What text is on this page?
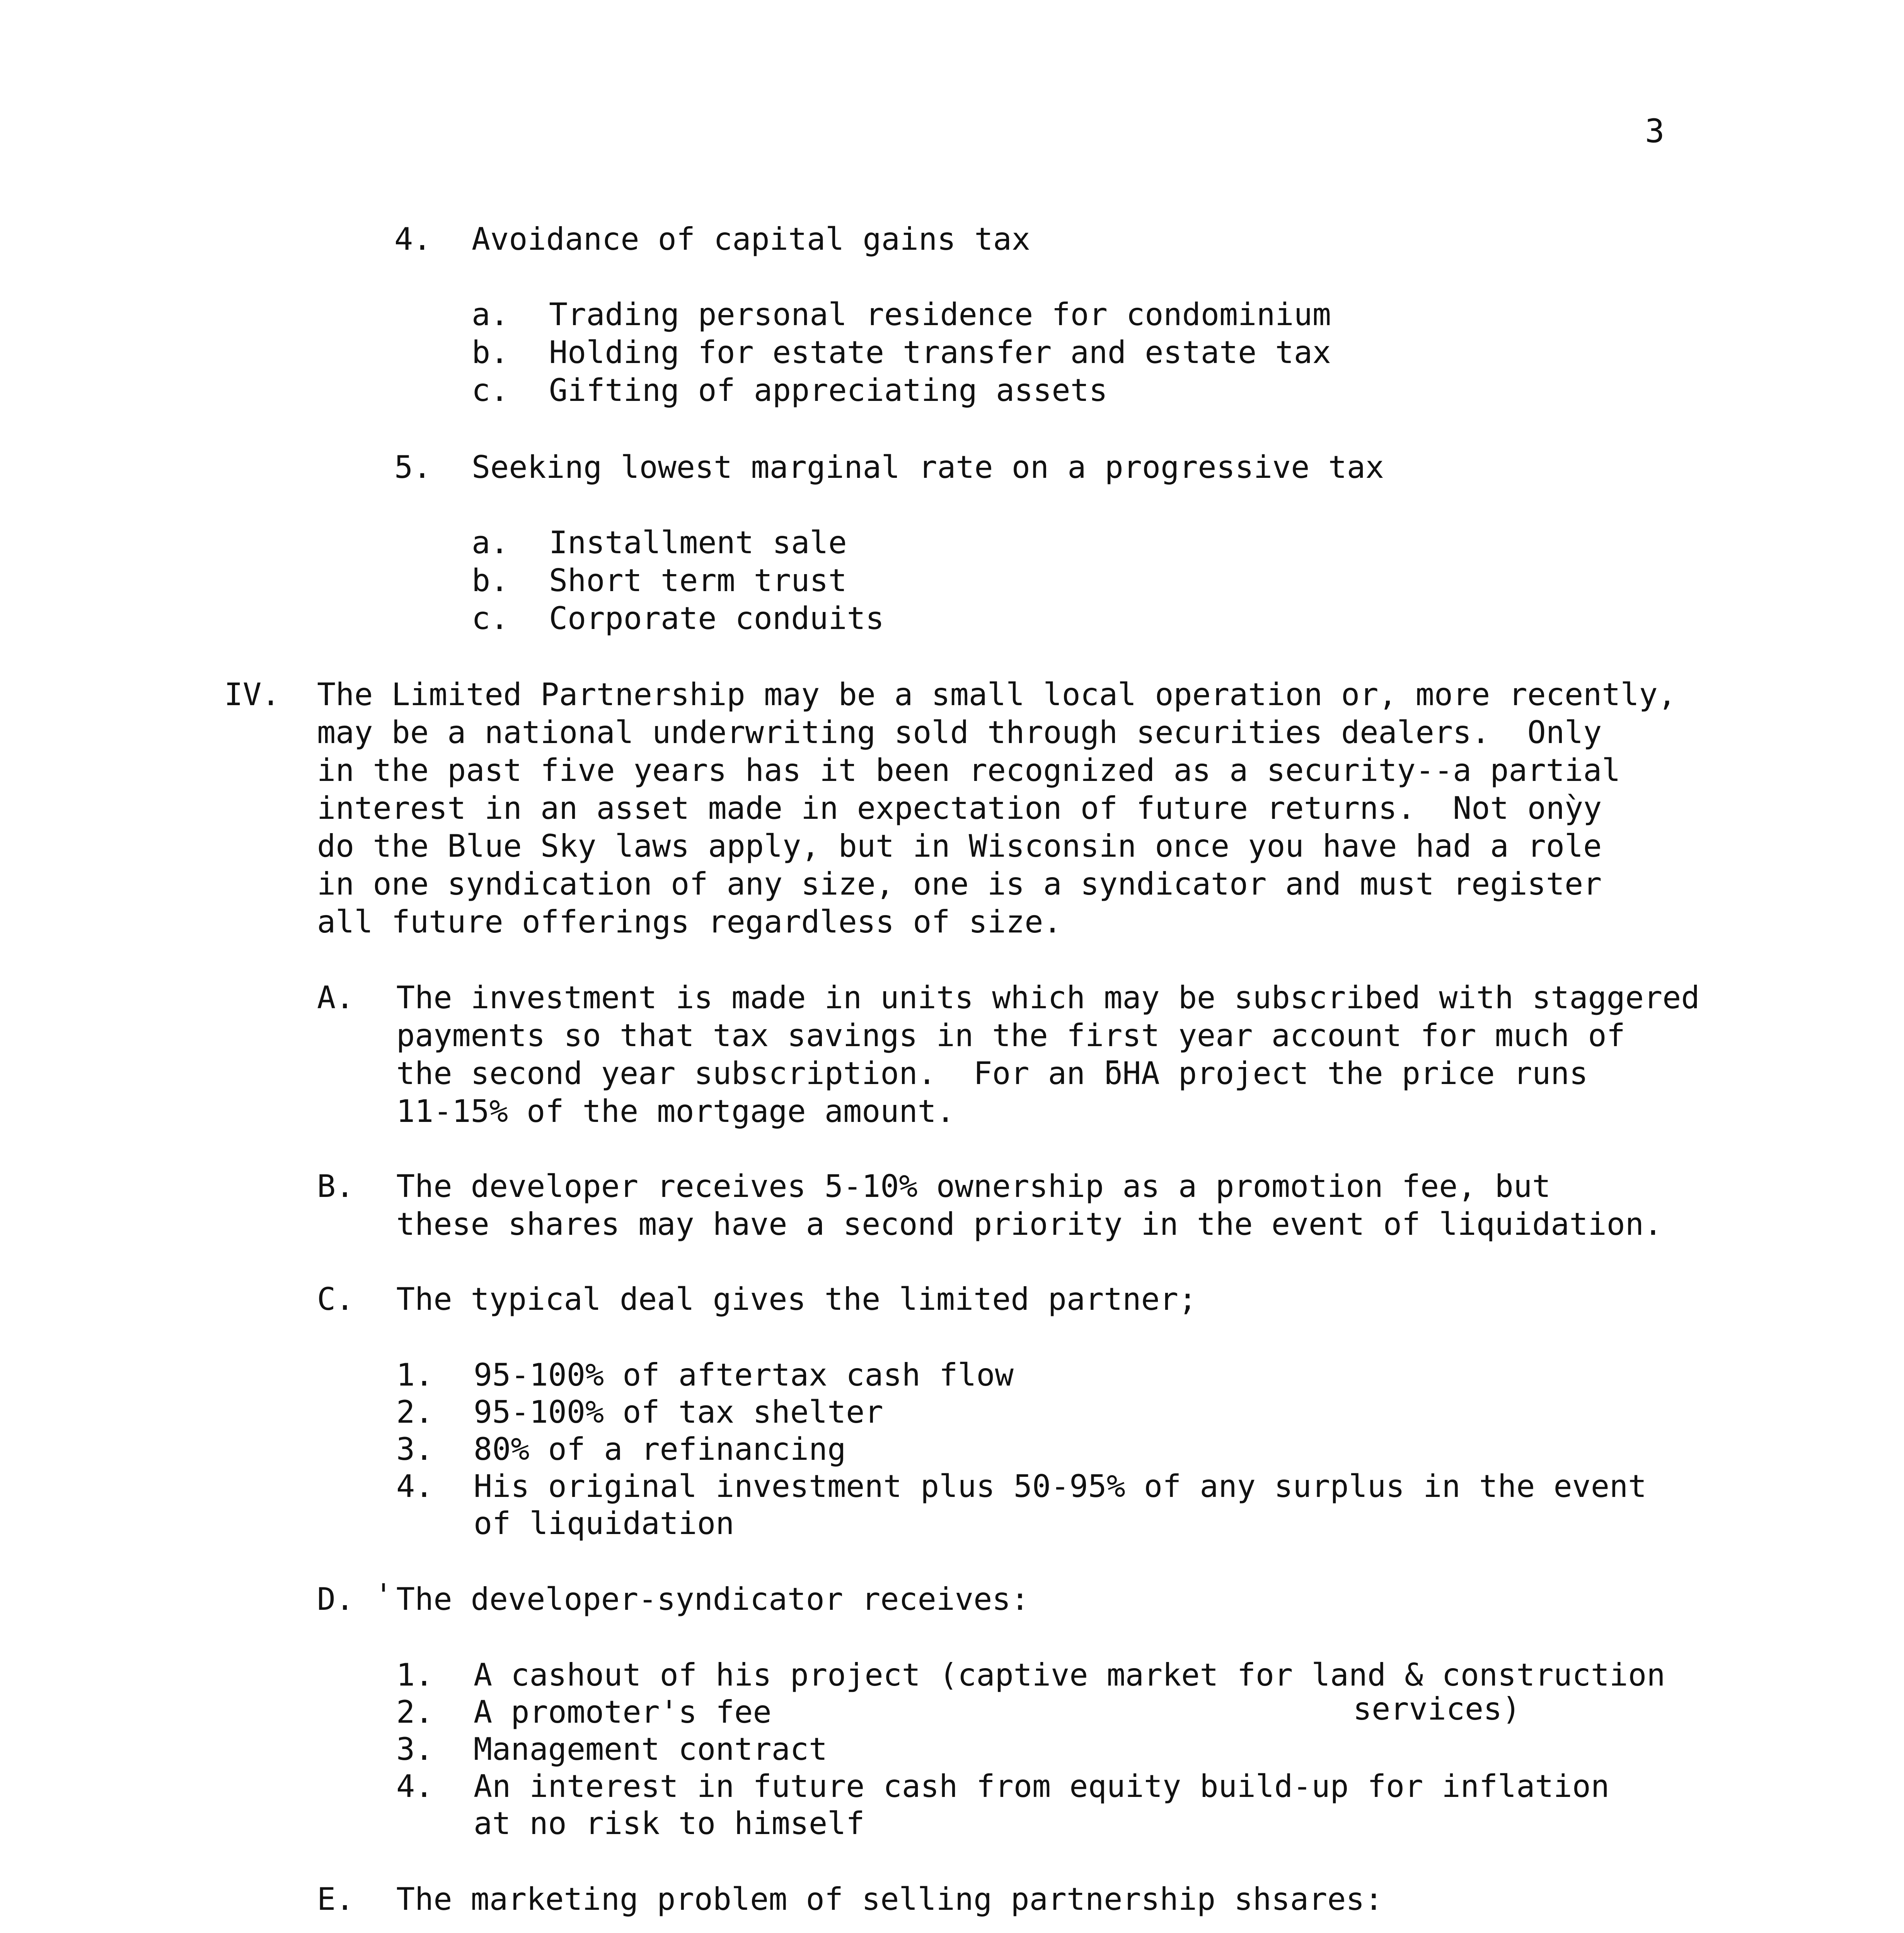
3
4. Avoidance of capital gains tax
a. Trading personal residence for condominium
b. Holding for estate transfer and estate tax
c. Gifting of appreciating assets
5. Seeking lowest marginal rate on a progressive tax
a. Installment sale
b. Short term trust
c. Corporate conduits
IV. The Limited Partnership may be a small local operation or, more recently,
may be a national underwriting sold through securities dealers.  Only
in the past five years has it been recognized as a security--a partial
interest in an asset made in expectation of future returns.  Not onỳy
do the Blue Sky laws apply, but in Wisconsin once you have had a role
in one syndication of any size, one is a syndicator and must register
all future offerings regardless of size.
A. The investment is made in units which may be subscribed with staggered
payments so that tax savings in the first year account for much of
the second year subscription.  For an ƃHA project the price runs
11-15% of the mortgage amount.
B. The developer receives 5-10% ownership as a promotion fee, but
these shares may have a second priority in the event of liquidation.
C. The typical deal gives the limited partner;
1. 95-100% of aftertax cash flow
2. 95-100% of tax shelter
3. 80% of a refinancing
4. His original investment plus 50-95% of any surplus in the event
of liquidation
D. ' The developer-syndicator receives:
1. A cashout of his project (captive market for land & construction
2. A promoter's fee	services)
3. Management contract
4. An interest in future cash from equity build-up for inflation
at no risk to himself
E. The marketing problem of selling partnership shsares:
